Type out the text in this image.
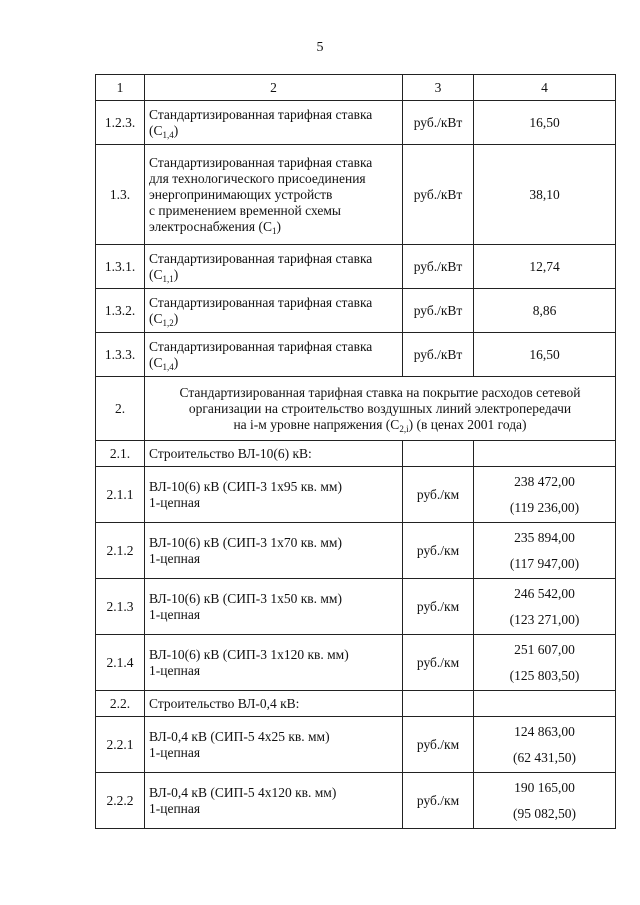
5
1	2	3	4
1.2.3.	Стандартизированная тарифная ставка
$(C_{1,4})$	руб./кВт	16,50
1.3.	Стандартизированная тарифная ставка
для технологического присоединения
энергопринимающих устройств
с применением временной схемы
электроснабжения $(C_1)$	руб./кВт	38,10
1.3.1.	Стандартизированная тарифная ставка
$(C_{1,1})$	руб./кВт	12,74
1.3.2.	Стандартизированная тарифная ставка
$(C_{1,2})$	руб./кВт	8,86
1.3.3.	Стандартизированная тарифная ставка
$(C_{1,4})$	руб./кВт	16,50
2.	Стандартизированная тарифная ставка на покрытие расходов сетевой
организации на строительство воздушных линий электропередачи
на i-м уровне напряжения $(C_{2,i})$ (в ценах 2001 года)		

2.1.	Строительство ВЛ-10(6) кВ:		

2.1.1	ВЛ-10(6) кВ (СИП-3 1х95 кв. мм)
1-цепная	руб./км	238 472,00
(119 236,00)

2.1.2	ВЛ-10(6) кВ (СИП-3 1х70 кв. мм)
1-цепная	руб./км	235 894,00
(117 947,00)

2.1.3	ВЛ-10(6) кВ (СИП-3 1х50 кв. мм)
1-цепная	руб./км	246 542,00
(123 271,00)

2.1.4	ВЛ-10(6) кВ (СИП-3 1х120 кв. мм)
1-цепная	руб./км	251 607,00
(125 803,50)

2.2.	Строительство ВЛ-0,4 кВ:		

2.2.1	ВЛ-0,4 кВ (СИП-5 4х25 кв. мм)
1-цепная	руб./км	124 863,00
(62 431,50)

2.2.2	ВЛ-0,4 кВ (СИП-5 4х120 кв. мм)
1-цепная	руб./км	190 165,00
(95 082,50)
